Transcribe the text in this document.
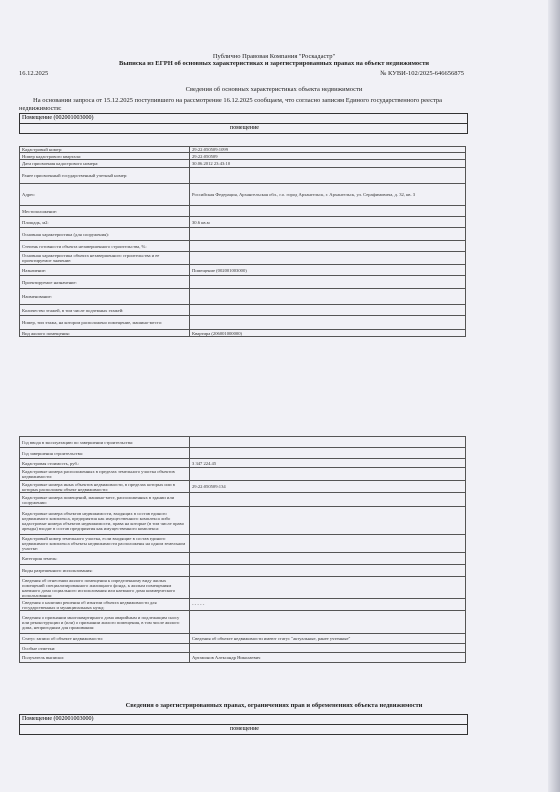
Публично Правовая Компания "Роскадастр"
Выписка из ЕГРН об основных характеристиках и зарегистрированных правах на объект недвижимости
16.12.2025	№ КУВИ-102/2025-646656875
Сведения об основных характеристиках объекта недвижимости
На основании запроса от 15.12.2025 поступившего на рассмотрение 16.12.2025 сообщаем, что согласно записям Единого государственного реестра недвижимости:
Помещение (002001003000)
помещение
Кадастровый номер:	29:22:050509:1099
Номер кадастрового квартала:	29:22:050509
Дата присвоения кадастрового номера:	30.06.2012 23:43:10
Ранее присвоенный государственный учетный номер:	
Адрес:	Российская Федерация, Архангельская обл., г.о. город Архангельск, г. Архангельск, ул. Серафимовича, д. 32, кв. 3
Местоположение:	
Площадь, м2:	30.6 кв.м
Основная характеристика (для сооружения):	
Степень готовности объекта незавершенного строительства, %:	
Основная характеристика объекта незавершенного строительства и ее проектируемое значение:	
Назначение:	Помещение (002001003000)
Проектируемое назначение:	
Наименование:	
Количество этажей, в том числе подземных этажей:	
Номер, тип этажа, на котором расположено помещение, машино-место:	
Вид жилого помещения:	Квартира (206001000000)
Год ввода в эксплуатацию по завершении строительства:	
Год завершения строительства:	
Кадастровая стоимость, руб.:	3 347 224.45
Кадастровые номера расположенных в пределах земельного участка объектов недвижимости:	
Кадастровые номера иных объектов недвижимости, в пределах которых или в которых расположен объект недвижимости:	29:22:050509:134
Кадастровые номера помещений, машино-мест, расположенных в здании или сооружении:	
Кадастровые номера объектов недвижимости, входящих в состав единого недвижимого комплекса, предприятия как имущественного комплекса либо кадастровые номера объектов недвижимости, права на которые (в том числе право аренды) входят в состав предприятия как имущественного комплекса:	
Кадастровый номер земельного участка, если входящие в состав единого недвижимого комплекса объекты недвижимости расположены на одном земельном участке:	
Категория земель:	
Виды разрешенного использования:	
Сведения об отнесении жилого помещения к определенному виду жилых помещений специализированного жилищного фонда, к жилым помещениям наемного дома социального использования или наемного дома коммерческого использования:	
Сведения о наличии решения об изъятии объекта недвижимости для государственных и муниципальных нужд:	- - - - -
Сведения о признании многоквартирного дома аварийным и подлежащим сносу или реконструкции и (или) о признании жилого помещения, в том числе жилого дома, непригодным для проживания:	
Статус записи об объекте недвижимости:	Сведения об объекте недвижимости имеют статус "актуальные, ранее учтенные"
Особые отметки:	
Получатель выписки:	Артамонов Александр Николаевич
Сведения о зарегистрированных правах, ограничениях прав и обременениях объекта недвижимости
Помещение (002001003000)
помещение
